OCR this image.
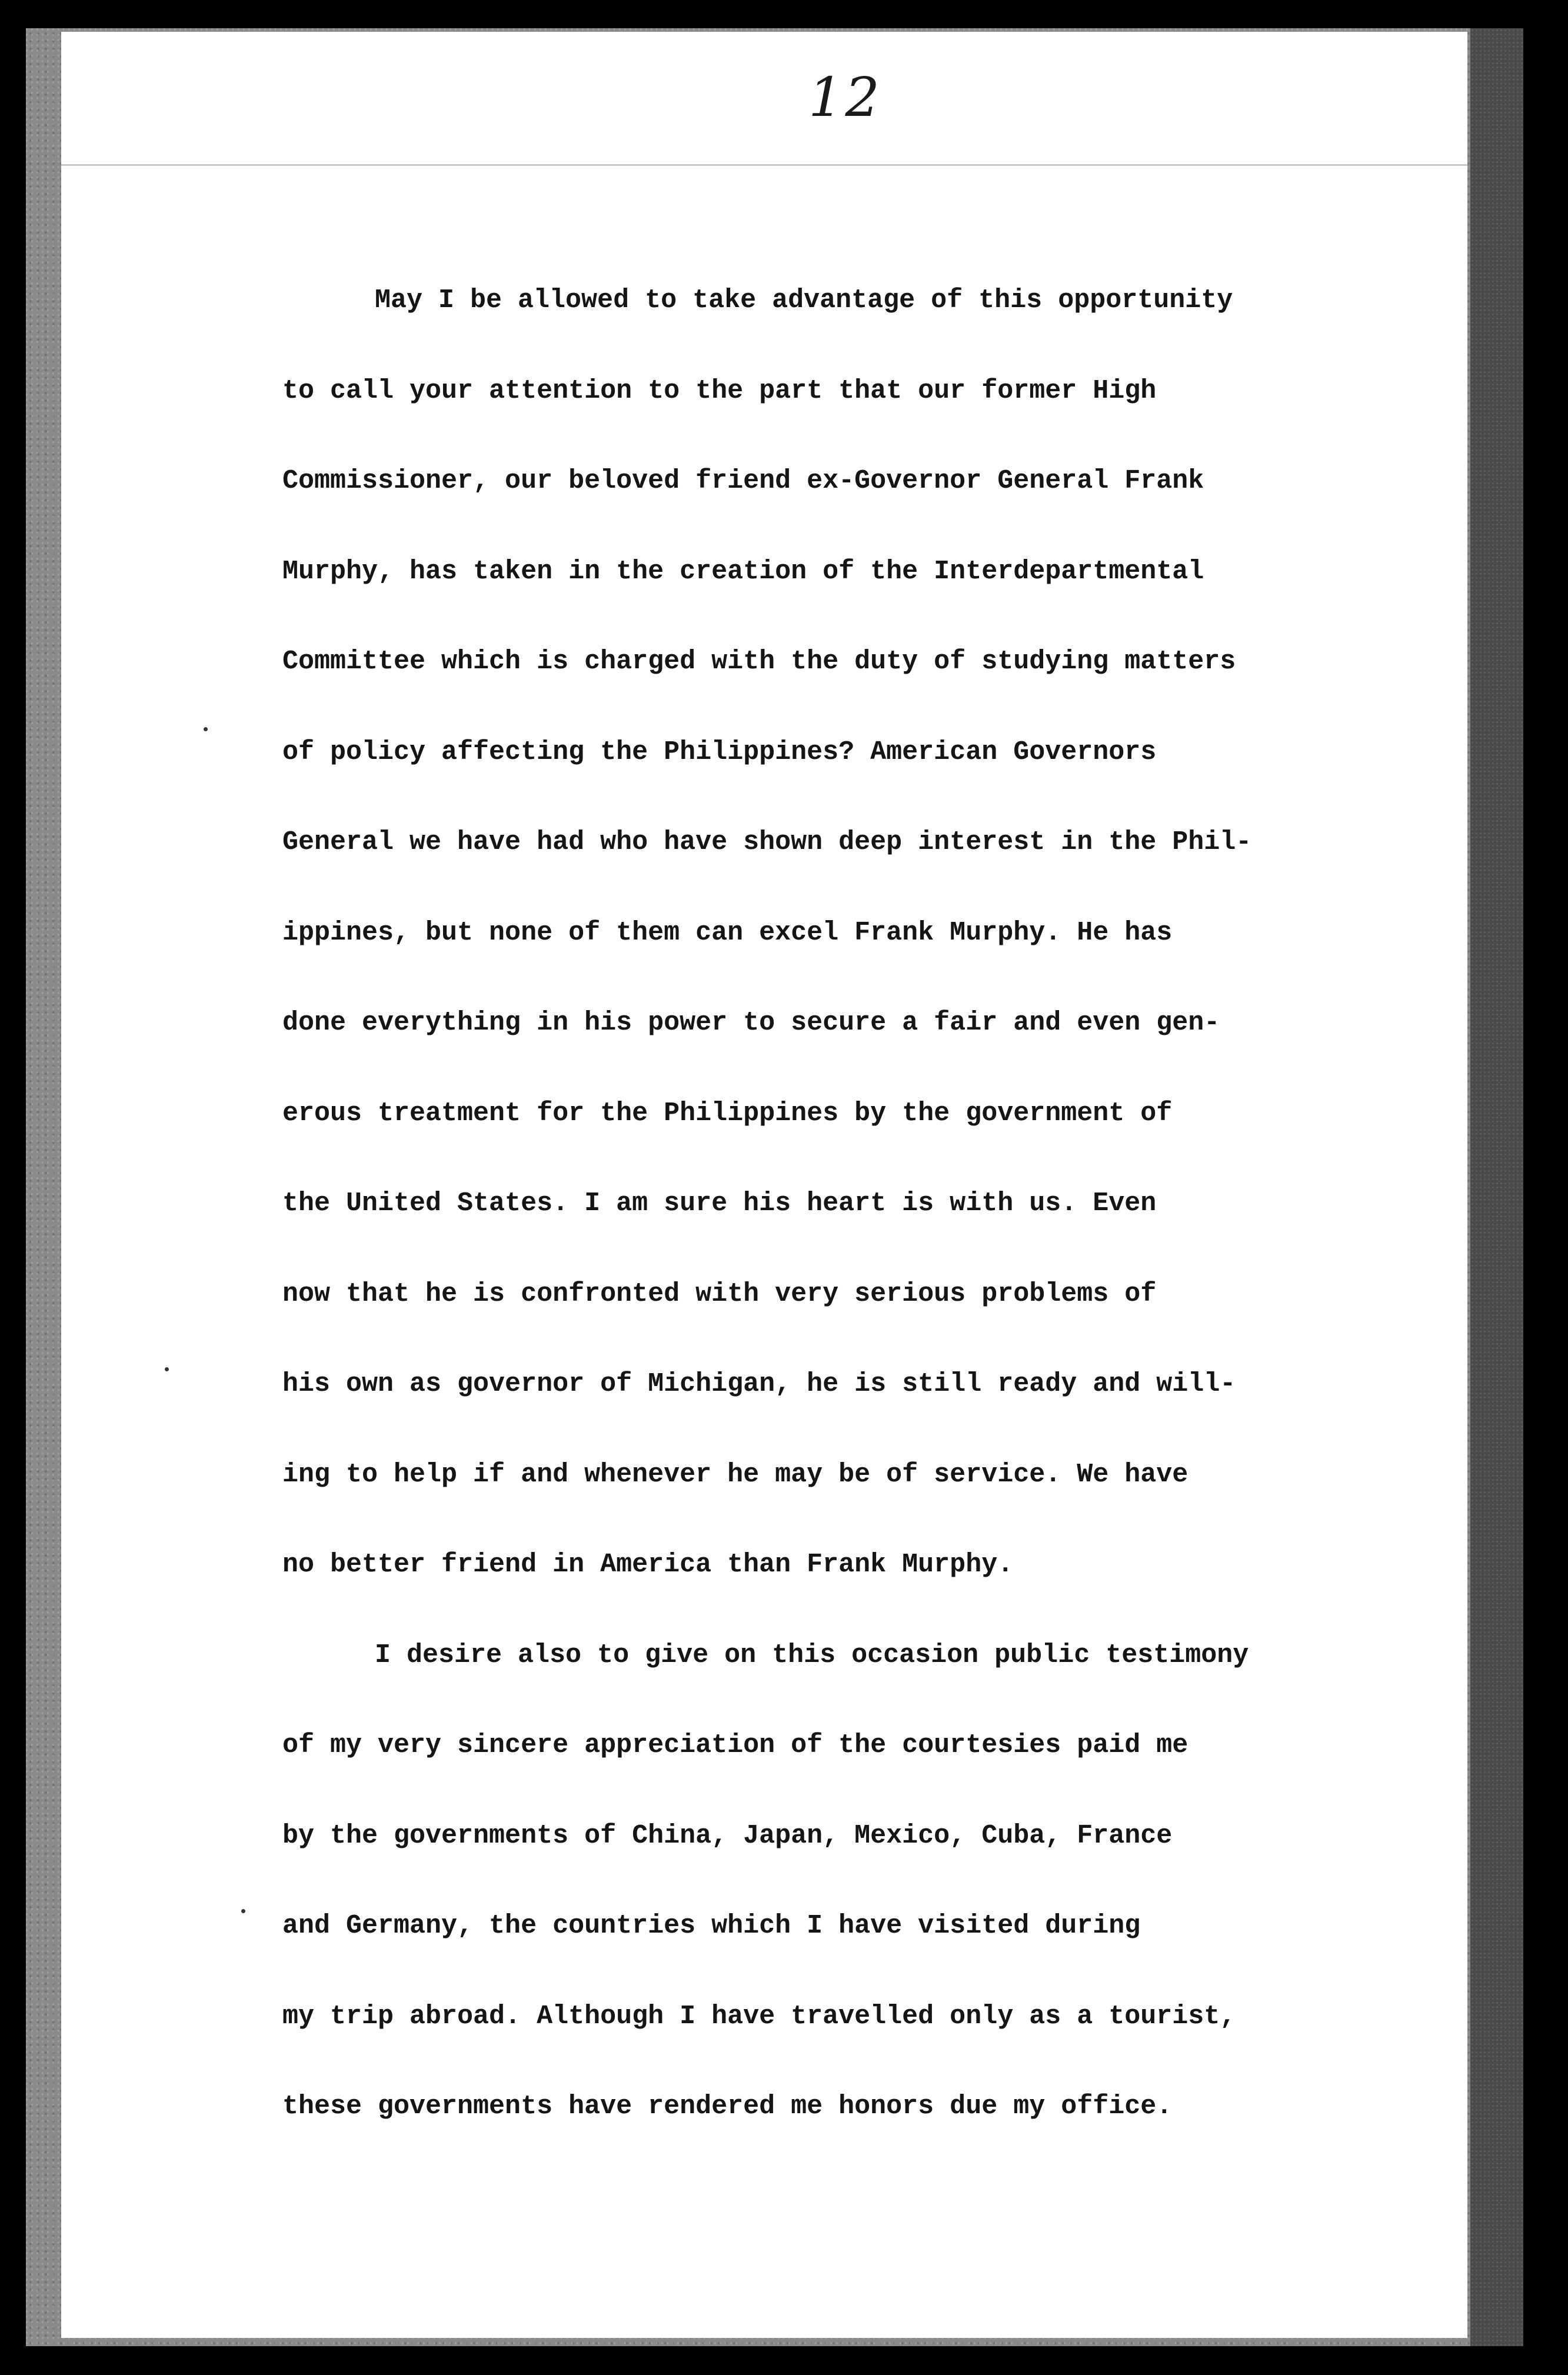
12
May I be allowed to take advantage of this opportunity
to call your attention to the part that our former High
Commissioner, our beloved friend ex-Governor General Frank
Murphy, has taken in the creation of the Interdepartmental
Committee which is charged with the duty of studying matters
of policy affecting the Philippines? American Governors
General we have had who have shown deep interest in the Phil-
ippines, but none of them can excel Frank Murphy. He has
done everything in his power to secure a fair and even gen-
erous treatment for the Philippines by the government of
the United States. I am sure his heart is with us. Even
now that he is confronted with very serious problems of
his own as governor of Michigan, he is still ready and will-
ing to help if and whenever he may be of service. We have
no better friend in America than Frank Murphy.
I desire also to give on this occasion public testimony
of my very sincere appreciation of the courtesies paid me
by the governments of China, Japan, Mexico, Cuba, France
and Germany, the countries which I have visited during
my trip abroad. Although I have travelled only as a tourist,
these governments have rendered me honors due my office.
